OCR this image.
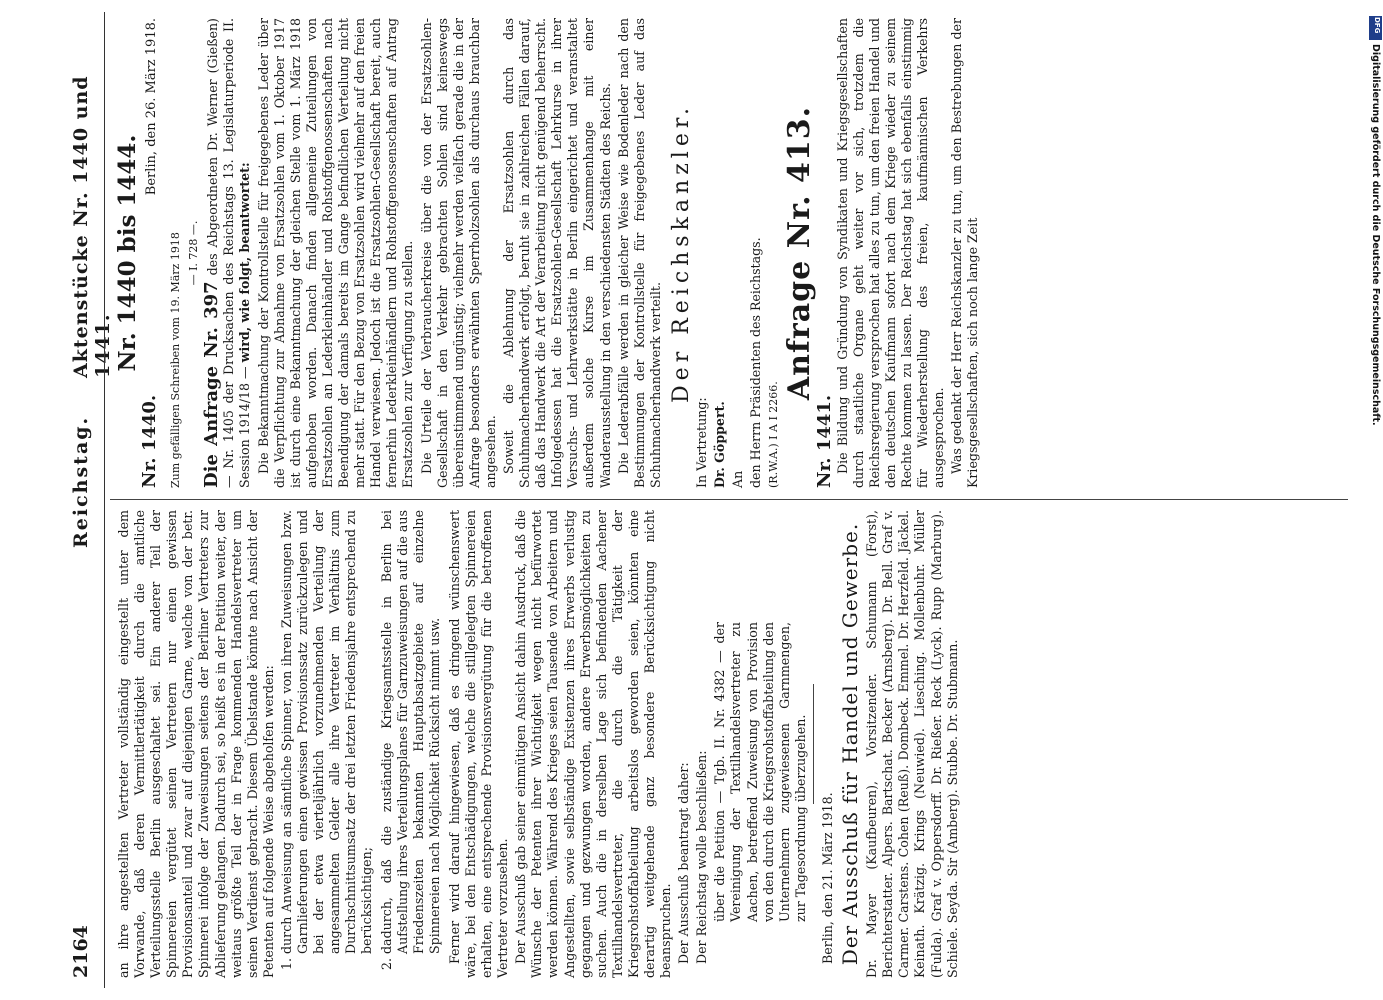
2164
Reichstag.
Aktenstücke Nr. 1440 und 1441.

an ihre angestellten Vertreter vollständig eingestellt unter dem Vorwande, daß deren Vermittlertätigkeit durch die amtliche Verteilungsstelle Berlin ausgeschaltet sei. Ein anderer Teil der Spinnereien vergütet seinen Vertretern nur einen gewissen Provisionsanteil und zwar auf diejenigen Garne, welche von der betr. Spinnerei infolge der Zuweisungen seitens der Berliner Vertreters zur Ablieferung gelangen. Dadurch sei, so heißt es in der Petition weiter, der weitaus größte Teil der in Frage kommenden Handelsvertreter um seinen Verdienst gebracht. Diesem Übelstande könnte nach Ansicht der Petenten auf folgende Weise abgeholfen werden: 1. durch Anweisung an sämtliche Spinner, von ihren Zuweisungen bzw. Garnlieferungen einen gewissen Provisionssatz zurückzulegen und bei der etwa vierteljährlich vorzunehmenden Verteilung der angesammelten Gelder alle ihre Vertreter im Verhältnis zum Durchschnittsumsatz der drei letzten Friedensjahre entsprechend zu berücksichtigen; 2. dadurch, daß die zuständige Kriegsamtsstelle in Berlin bei Aufstellung ihres Verteilungsplanes für Garnzuweisungen auf die aus Friedenszeiten bekannten Hauptabsatzgebiete auf einzelne Spinnereien nach Möglichkeit Rücksicht nimmt usw. Ferner wird darauf hingewiesen, daß es dringend wünschenswert wäre, bei den Entschädigungen, welche die stillgelegten Spinnereien erhalten, eine entsprechende Provisionsvergütung für die betroffenen Vertreter vorzusehen. Der Ausschuß gab seiner einmütigen Ansicht dahin Ausdruck, daß die Wünsche der Petenten ihrer Wichtigkeit wegen nicht befürwortet werden können. Während des Krieges seien Tausende von Arbeitern und Angestellten, sowie selbständige Existenzen ihres Erwerbs verlustig gegangen und gezwungen worden, andere Erwerbsmöglichkeiten zu suchen. Auch die in derselben Lage sich befindenden Aachener Textilhandelsvertreter, die durch die Tätigkeit der Kriegsrohstoffabteilung arbeitslos geworden seien, könnten eine derartig weitgehende ganz besondere Berücksichtigung nicht beanspruchen. Der Ausschuß beantragt daher: Der Reichstag wolle beschließen: über die Petition — Tgb. II. Nr. 4382 — der Vereinigung der Textilhandelsvertreter zu Aachen, betreffend Zuweisung von Provision von den durch die Kriegsrohstoffabteilung den Unternehmern zugewiesenen Garnmengen, zur Tagesordnung überzugehen. Berlin, den 21. März 1918. Der Ausschuß für Handel und Gewerbe. Dr. Mayer (Kaufbeuren), Vorsitzender. Schumann (Forst), Berichterstatter. Alpers. Bartschat. Becker (Arnsberg). Dr. Bell. Graf v. Carmer. Carstens. Cohen (Reuß). Dombeck. Emmel. Dr. Herzfeld. Jäckel. Keinath. Krätzig. Krings (Neuwied). Liesching. Mollenbuhr. Müller (Fulda). Graf v. Oppersdorff. Dr. Rießer. Reck (Lyck). Rupp (Marburg). Schiele. Seyda. Sir (Amberg). Stubbe. Dr. Stubmann.

Nr. 1440 bis 1444.
Nr. 1440.
Berlin, den 26. März 1918.

Zum gefälligen Schreiben vom 19. März 1918 — I. 728 —.

Die Anfrage Nr. 397 des Abgeordneten Dr. Werner (Gießen) — Nr. 1405 der Drucksachen des Reichstags 13. Legislaturperiode II. Session 1914/18 — wird, wie folgt, beantwortet: Die Bekanntmachung der Kontrollstelle für freigegebenes Leder über die Verpflichtung zur Abnahme von Ersatzsohlen vom 1. Oktober 1917 ist durch eine Bekanntmachung der gleichen Stelle vom 1. März 1918 aufgehoben worden. Danach finden allgemeine Zuteilungen von Ersatzsohlen an Lederkleinhändler und Rohstoffgenossenschaften nach Beendigung der damals bereits im Gange befindlichen Verteilung nicht mehr statt. Für den Bezug von Ersatzsohlen wird vielmehr auf den freien Handel verwiesen. Jedoch ist die Ersatzsohlen-Gesellschaft bereit, auch fernerhin Lederkleinhändlern und Rohstoffgenossenschaften auf Antrag Ersatzsohlen zur Verfügung zu stellen. Die Urteile der Verbraucherkreise über die von der Ersatzsohlen-Gesellschaft in den Verkehr gebrachten Sohlen sind keineswegs übereinstimmend ungünstig; vielmehr werden vielfach gerade die in der Anfrage besonders erwähnten Sperrholzsohlen als durchaus brauchbar angesehen. Soweit die Ablehnung der Ersatzsohlen durch das Schuhmacherhandwerk erfolgt, beruht sie in zahlreichen Fällen darauf, daß das Handwerk die Art der Verarbeitung nicht genügend beherrscht. Infolgedessen hat die Ersatzsohlen-Gesellschaft Lehrkurse in ihrer Versuchs- und Lehrwerkstätte in Berlin eingerichtet und veranstaltet außerdem solche Kurse im Zusammenhange mit einer Wanderausstellung in den verschiedensten Städten des Reichs. Die Lederabfälle werden in gleicher Weise wie Bodenleder nach den Bestimmungen der Kontrollstelle für freigegebenes Leder auf das Schuhmacherhandwerk verteilt. Der Reichskanzler.

In Vertretung: Dr. Göppert. An den Herrn Präsidenten des Reichstags. (R.W.A.) I A I 2266.

Anfrage Nr. 413.

Nr. 1441. Die Bildung und Gründung von Syndikaten und Kriegsgesellschaften durch staatliche Organe geht weiter vor sich, trotzdem die Reichsregierung versprochen hat alles zu tun, um den freien Handel und den deutschen Kaufmann sofort nach dem Kriege wieder zu seinem Rechte kommen zu lassen. Der Reichstag hat sich ebenfalls einstimmig für Wiederherstellung des freien, kaufmännischen Verkehrs ausgesprochen. Was gedenkt der Herr Reichskanzler zu tun, um den Bestrebungen der Kriegsgesellschaften, sich noch lange Zeit

DFG
Digitalisierung gefördert durch die Deutsche Forschungsgemeinschaft.
